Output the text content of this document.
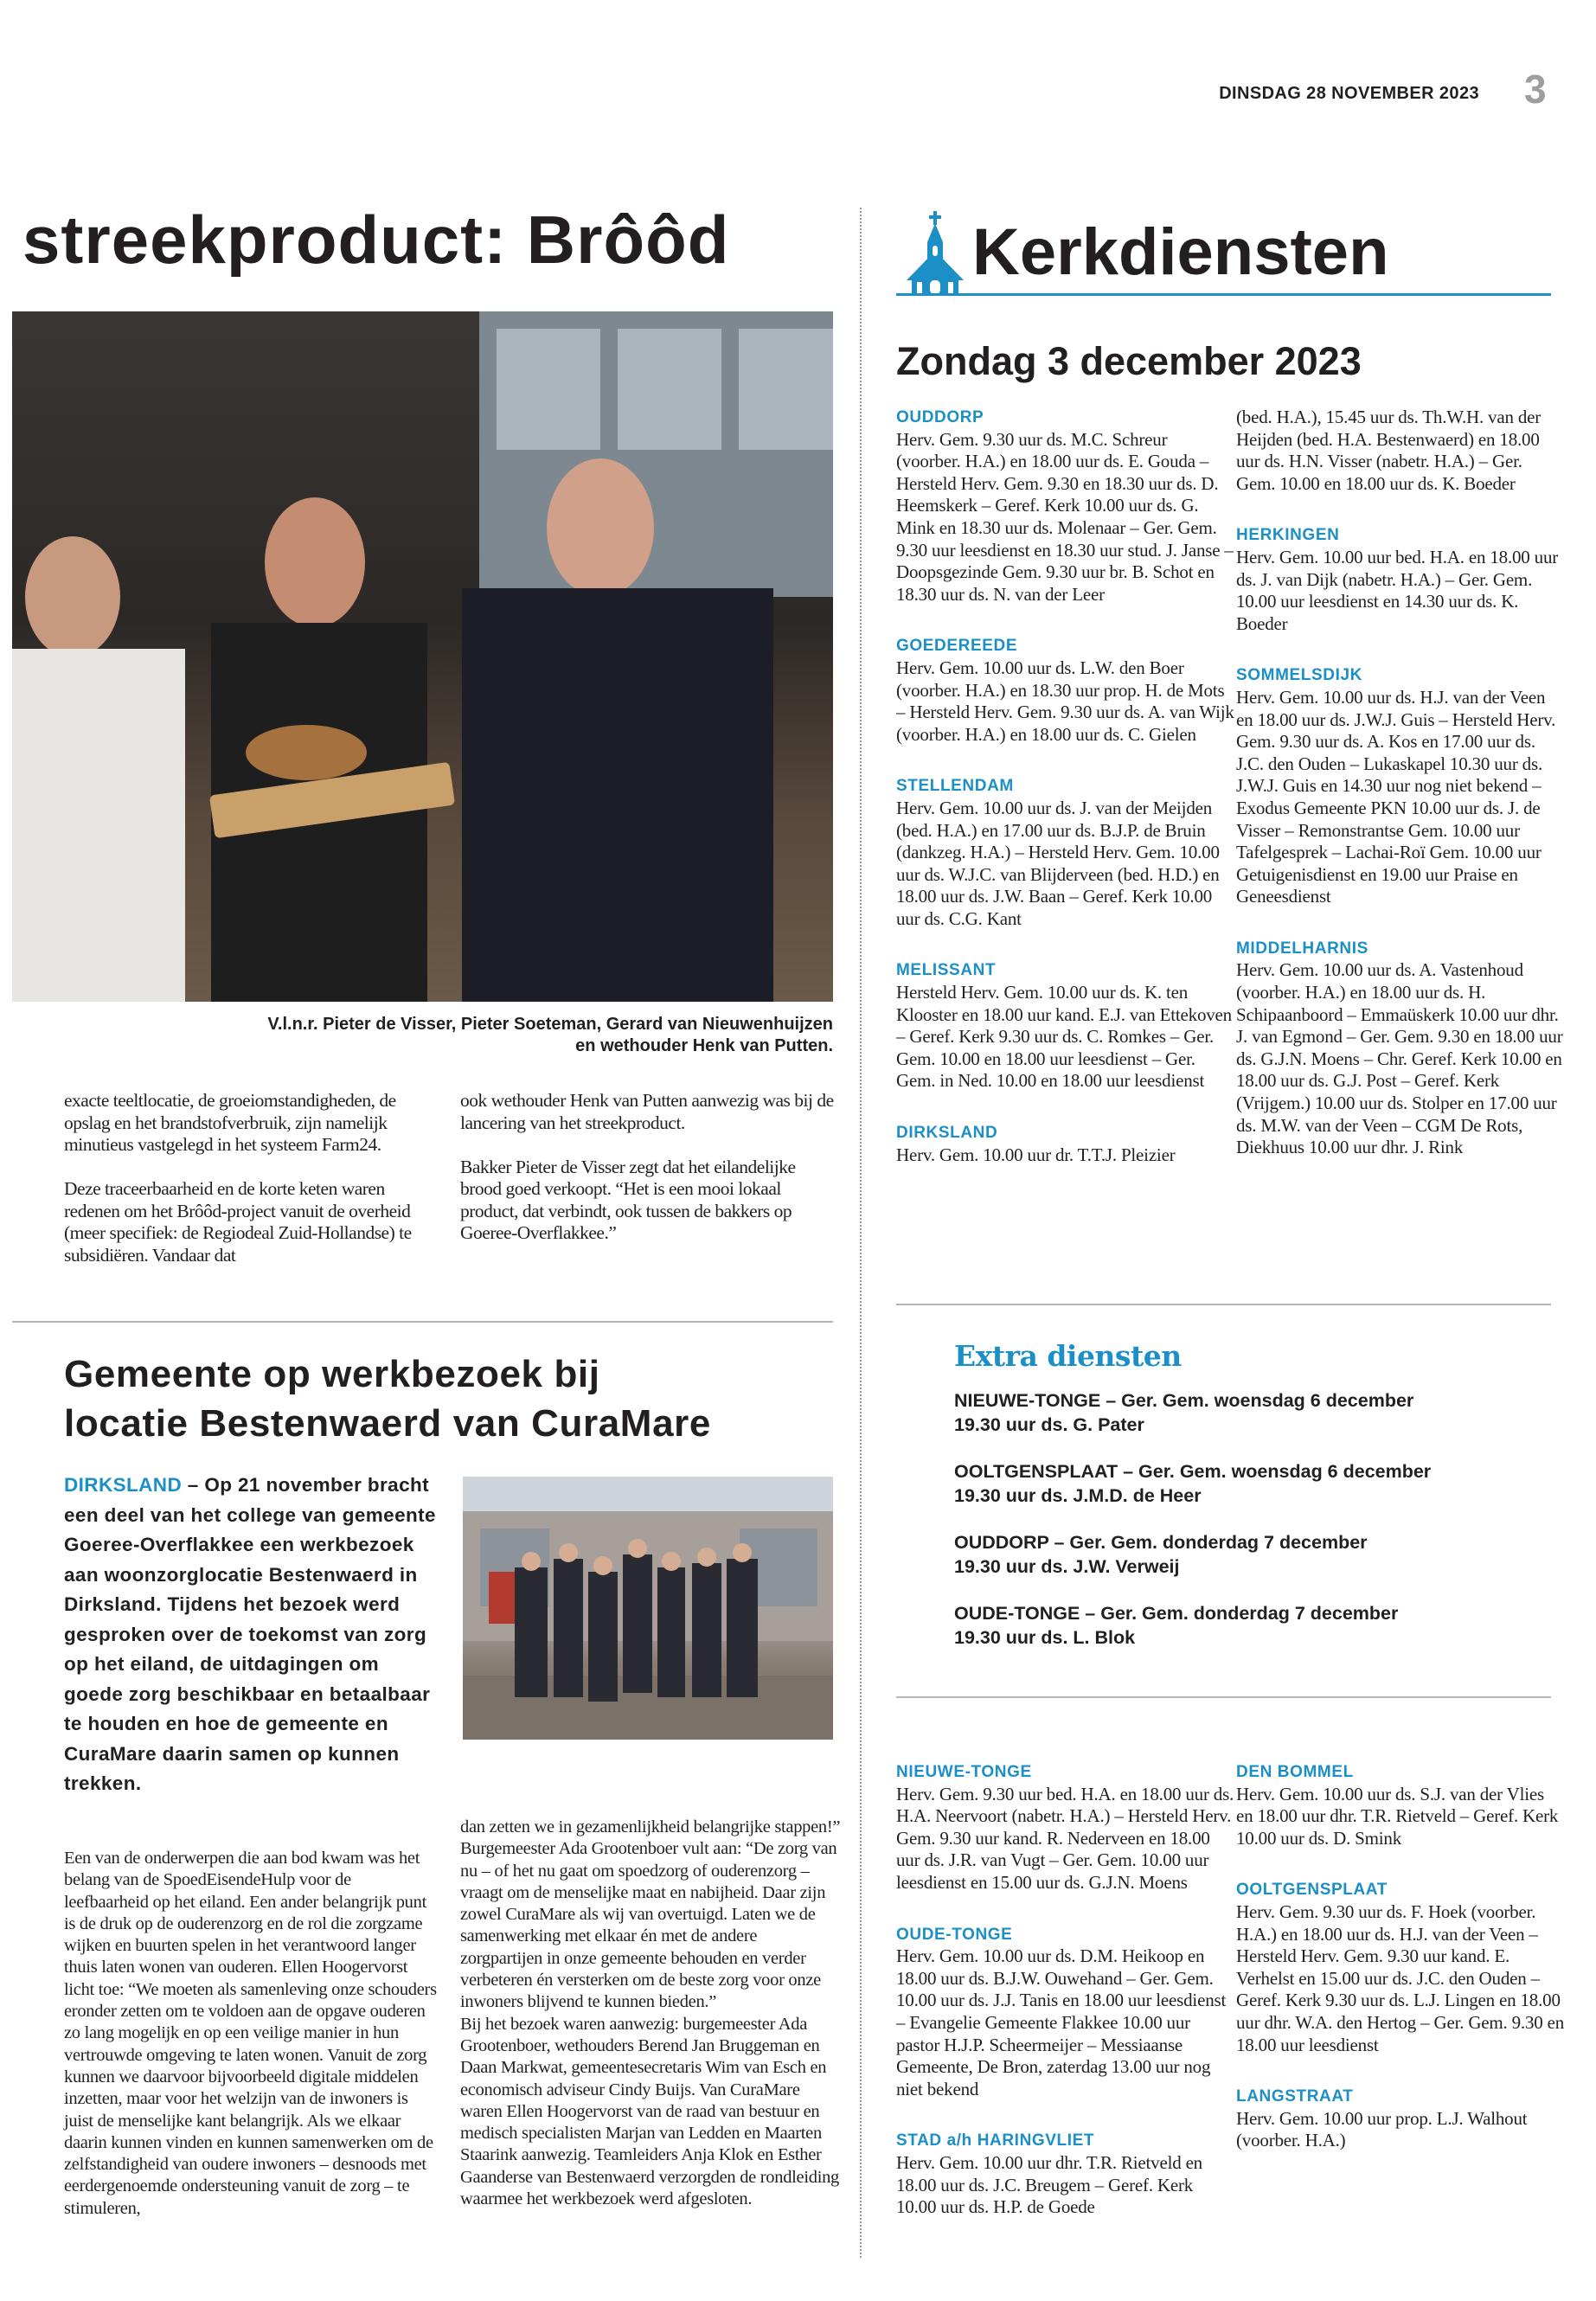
DINSDAG 28 NOVEMBER 2023 3
streekproduct: Brôôd
V.l.n.r. Pieter de Visser, Pieter Soeteman, Gerard van Nieuwenhuijzen
en wethouder Henk van Putten.

exacte teeltlocatie, de groeiomstandigheden, de opslag en het brandstofverbruik, zijn namelijk minutieus vastgelegd in het systeem Farm24.

Deze traceerbaarheid en de korte keten waren redenen om het Brôôd-project vanuit de overheid (meer specifiek: de Regiodeal Zuid-Hollandse) te subsidiëren. Vandaar dat

ook wethouder Henk van Putten aanwezig was bij de lancering van het streekproduct.

Bakker Pieter de Visser zegt dat het eilandelijke brood goed verkoopt. “Het is een mooi lokaal product, dat verbindt, ook tussen de bakkers op Goeree-Overflakkee.”

Gemeente op werkbezoek bij
locatie Bestenwaerd van CuraMare
DIRKSLAND – Op 21 november bracht een deel van het college van gemeente Goeree-Overflakkee een werkbezoek aan woonzorglocatie Bestenwaerd in Dirksland. Tijdens het bezoek werd gesproken over de toekomst van zorg op het eiland, de uitdagingen om goede zorg beschikbaar en betaalbaar te houden en hoe de gemeente en CuraMare daarin samen op kunnen trekken.

Een van de onderwerpen die aan bod kwam was het belang van de SpoedEisendeHulp voor de leefbaarheid op het eiland. Een ander belangrijk punt is de druk op de ouderenzorg en de rol die zorgzame wijken en buurten spelen in het verantwoord langer thuis laten wonen van ouderen. Ellen Hoogervorst licht toe: “We moeten als samenleving onze schouders eronder zetten om te voldoen aan de opgave ouderen zo lang mogelijk en op een veilige manier in hun vertrouwde omgeving te laten wonen. Vanuit de zorg kunnen we daarvoor bijvoorbeeld digitale middelen inzetten, maar voor het welzijn van de inwoners is juist de menselijke kant belangrijk. Als we elkaar daarin kunnen vinden en kunnen samenwerken om de zelfstandigheid van oudere inwoners – desnoods met eerdergenoemde ondersteuning vanuit de zorg – te stimuleren,

dan zetten we in gezamenlijkheid belangrijke stappen!”

Burgemeester Ada Grootenboer vult aan: “De zorg van nu – of het nu gaat om spoedzorg of ouderenzorg – vraagt om de menselijke maat en nabijheid. Daar zijn zowel CuraMare als wij van overtuigd. Laten we de samenwerking met elkaar én met de andere zorgpartijen in onze gemeente behouden en verder verbeteren én versterken om de beste zorg voor onze inwoners blijvend te kunnen bieden.”

Bij het bezoek waren aanwezig: burgemeester Ada Grootenboer, wethouders Berend Jan Bruggeman en Daan Markwat, gemeentesecretaris Wim van Esch en economisch adviseur Cindy Buijs. Van CuraMare waren Ellen Hoogervorst van de raad van bestuur en medisch specialisten Marjan van Ledden en Maarten Staarink aanwezig. Teamleiders Anja Klok en Esther Gaanderse van Bestenwaerd verzorgden de rondleiding waarmee het werkbezoek werd afgesloten.

Kerkdiensten
Zondag 3 december 2023
OUDDORP
Herv. Gem. 9.30 uur ds. M.C. Schreur (voorber. H.A.) en 18.00 uur ds. E. Gouda – Hersteld Herv. Gem. 9.30 en 18.30 uur ds. D. Heemskerk – Geref. Kerk 10.00 uur ds. G. Mink en 18.30 uur ds. Molenaar – Ger. Gem. 9.30 uur leesdienst en 18.30 uur stud. J. Janse – Doopsgezinde Gem. 9.30 uur br. B. Schot en 18.30 uur ds. N. van der Leer
GOEDEREEDE
Herv. Gem. 10.00 uur ds. L.W. den Boer (voorber. H.A.) en 18.30 uur prop. H. de Mots – Hersteld Herv. Gem. 9.30 uur ds. A. van Wijk (voorber. H.A.) en 18.00 uur ds. C. Gielen
STELLENDAM
Herv. Gem. 10.00 uur ds. J. van der Meijden (bed. H.A.) en 17.00 uur ds. B.J.P. de Bruin (dankzeg. H.A.) – Hersteld Herv. Gem. 10.00 uur ds. W.J.C. van Blijderveen (bed. H.D.) en 18.00 uur ds. J.W. Baan – Geref. Kerk 10.00 uur ds. C.G. Kant
MELISSANT
Hersteld Herv. Gem. 10.00 uur ds. K. ten Klooster en 18.00 uur kand. E.J. van Ettekoven – Geref. Kerk 9.30 uur ds. C. Romkes – Ger. Gem. 10.00 en 18.00 uur leesdienst – Ger. Gem. in Ned. 10.00 en 18.00 uur leesdienst
DIRKSLAND
Herv. Gem. 10.00 uur dr. T.T.J. Pleizier
(bed. H.A.), 15.45 uur ds. Th.W.H. van der Heijden (bed. H.A. Bestenwaerd) en 18.00 uur ds. H.N. Visser (nabetr. H.A.) – Ger. Gem. 10.00 en 18.00 uur ds. K. Boeder
HERKINGEN
Herv. Gem. 10.00 uur bed. H.A. en 18.00 uur ds. J. van Dijk (nabetr. H.A.) – Ger. Gem. 10.00 uur leesdienst en 14.30 uur ds. K. Boeder
SOMMELSDIJK
Herv. Gem. 10.00 uur ds. H.J. van der Veen en 18.00 uur ds. J.W.J. Guis – Hersteld Herv. Gem. 9.30 uur ds. A. Kos en 17.00 uur ds. J.C. den Ouden – Lukaskapel 10.30 uur ds. J.W.J. Guis en 14.30 uur nog niet bekend – Exodus Gemeente PKN 10.00 uur ds. J. de Visser – Remonstrantse Gem. 10.00 uur Tafelgesprek – Lachai-Roï Gem. 10.00 uur Getuigenisdienst en 19.00 uur Praise en Geneesdienst
MIDDELHARNIS
Herv. Gem. 10.00 uur ds. A. Vastenhoud (voorber. H.A.) en 18.00 uur ds. H. Schipaanboord – Emmaüskerk 10.00 uur dhr. J. van Egmond – Ger. Gem. 9.30 en 18.00 uur ds. G.J.N. Moens – Chr. Geref. Kerk 10.00 en 18.00 uur ds. G.J. Post – Geref. Kerk (Vrijgem.) 10.00 uur ds. Stolper en 17.00 uur ds. M.W. van der Veen – CGM De Rots, Diekhuus 10.00 uur dhr. J. Rink
Extra diensten
NIEUWE-TONGE – Ger. Gem. woensdag 6 december
19.30 uur ds. G. Pater
OOLTGENSPLAAT – Ger. Gem. woensdag 6 december
19.30 uur ds. J.M.D. de Heer
OUDDORP – Ger. Gem. donderdag 7 december
19.30 uur ds. J.W. Verweij
OUDE-TONGE – Ger. Gem. donderdag 7 december
19.30 uur ds. L. Blok
NIEUWE-TONGE
Herv. Gem. 9.30 uur bed. H.A. en 18.00 uur ds. H.A. Neervoort (nabetr. H.A.) – Hersteld Herv. Gem. 9.30 uur kand. R. Nederveen en 18.00 uur ds. J.R. van Vugt – Ger. Gem. 10.00 uur leesdienst en 15.00 uur ds. G.J.N. Moens
OUDE-TONGE
Herv. Gem. 10.00 uur ds. D.M. Heikoop en 18.00 uur ds. B.J.W. Ouwehand – Ger. Gem. 10.00 uur ds. J.J. Tanis en 18.00 uur leesdienst – Evangelie Gemeente Flakkee 10.00 uur pastor H.J.P. Scheermeijer – Messiaanse Gemeente, De Bron, zaterdag 13.00 uur nog niet bekend
STAD a/h HARINGVLIET
Herv. Gem. 10.00 uur dhr. T.R. Rietveld en 18.00 uur ds. J.C. Breugem – Geref. Kerk 10.00 uur ds. H.P. de Goede
DEN BOMMEL
Herv. Gem. 10.00 uur ds. S.J. van der Vlies en 18.00 uur dhr. T.R. Rietveld – Geref. Kerk 10.00 uur ds. D. Smink
OOLTGENSPLAAT
Herv. Gem. 9.30 uur ds. F. Hoek (voorber. H.A.) en 18.00 uur ds. H.J. van der Veen – Hersteld Herv. Gem. 9.30 uur kand. E. Verhelst en 15.00 uur ds. J.C. den Ouden – Geref. Kerk 9.30 uur ds. L.J. Lingen en 18.00 uur dhr. W.A. den Hertog – Ger. Gem. 9.30 en 18.00 uur leesdienst
LANGSTRAAT
Herv. Gem. 10.00 uur prop. L.J. Walhout (voorber. H.A.)
